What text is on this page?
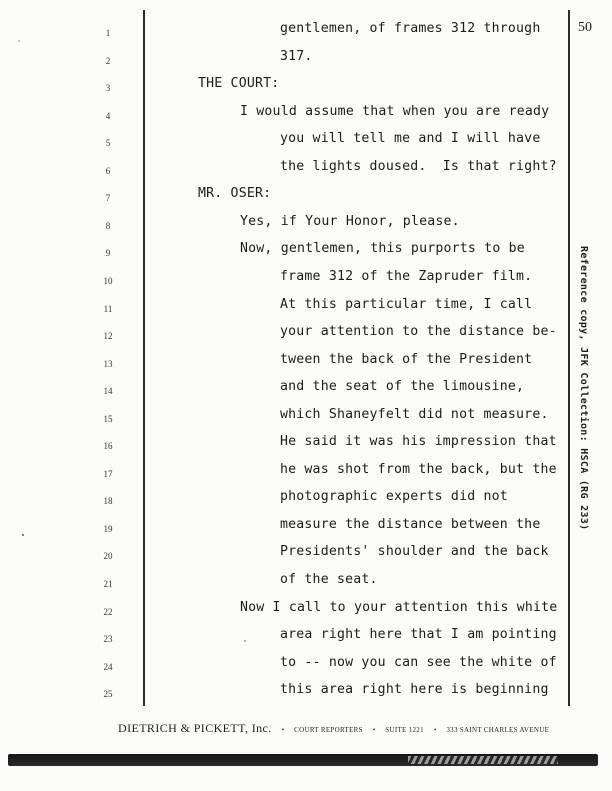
50
1	gentlemen, of frames 312 through
2	317.
3	THE COURT:
4	I would assume that when you are ready
5	you will tell me and I will have
6	the lights doused.  Is that right?
7	MR. OSER:
8	Yes, if Your Honor, please.
9	Now, gentlemen, this purports to be
10	frame 312 of the Zapruder film.
11	At this particular time, I call
12	your attention to the distance be-
13	tween the back of the President
14	and the seat of the limousine,
15	which Shaneyfelt did not measure.
16	He said it was his impression that
17	he was shot from the back, but the
18	photographic experts did not
19	measure the distance between the
20	Presidents' shoulder and the back
21	of the seat.
22	Now I call to your attention this white
23	area right here that I am pointing
24	to -- now you can see the white of
25	this area right here is beginning
Reference copy, JFK Collection: HSCA (RG 233)
DIETRICH & PICKETT, Inc. • COURT REPORTERS • SUITE 1221 • 333 SAINT CHARLES AVENUE
